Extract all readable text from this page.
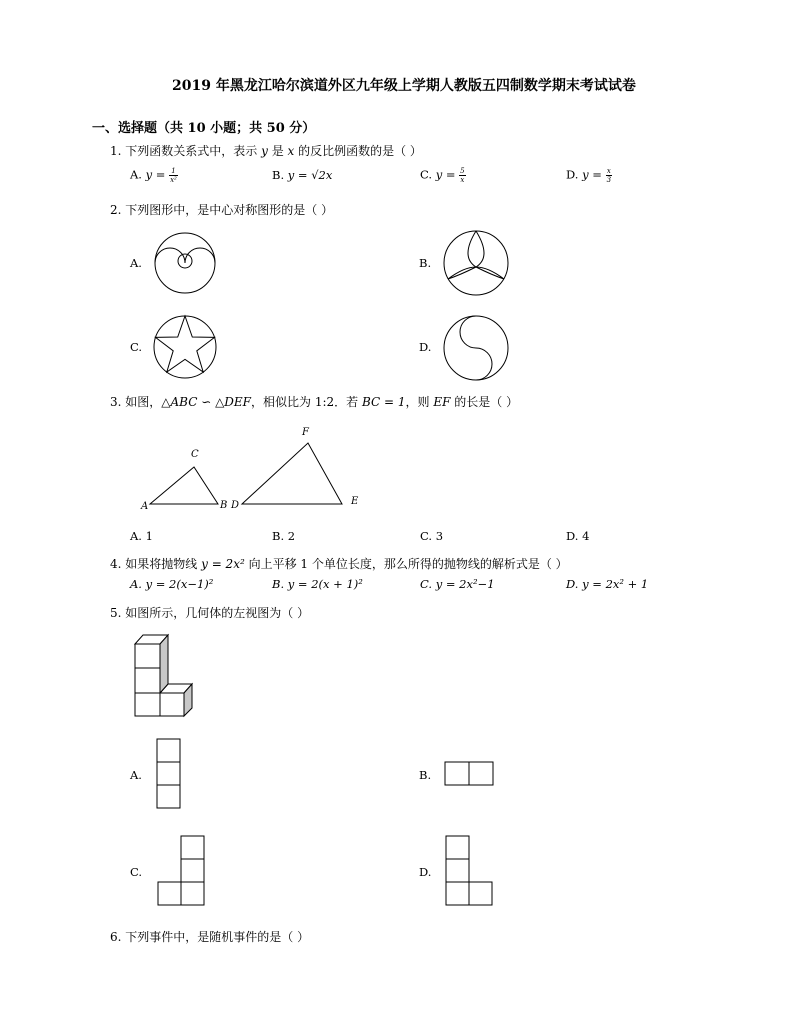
2019 年黑龙江哈尔滨道外区九年级上学期人教版五四制数学期末考试试卷
一、选择题（共 10 小题；共 50 分）
1. 下列函数关系式中，表示 y 是 x 的反比例函数的是（ ）
A. $y = \frac{1}{\text{x²}}$	B. y = √2x	C. $y = \frac{5}{x}$	D. $y = \frac{x}{3}$
2. 下列图形中，是中心对称图形的是（ ）
A.	B.
C.	D.
3. 如图，△ABC ∽ △DEF，相似比为 1:2．若 BC = 1，则 EF 的长是（ ）
A
C
B D
F
E
A. 1	B. 2	C. 3	D. 4
4. 如果将抛物线 y = 2x² 向上平移 1 个单位长度，那么所得的抛物线的解析式是（ ）
A. y = 2(x−1)²	B. y = 2(x + 1)²	C. y = 2x²−1	D. y = 2x² + 1
5. 如图所示，几何体的左视图为（ ）
A.	B.
C.	D.
6. 下列事件中，是随机事件的是（ ）
